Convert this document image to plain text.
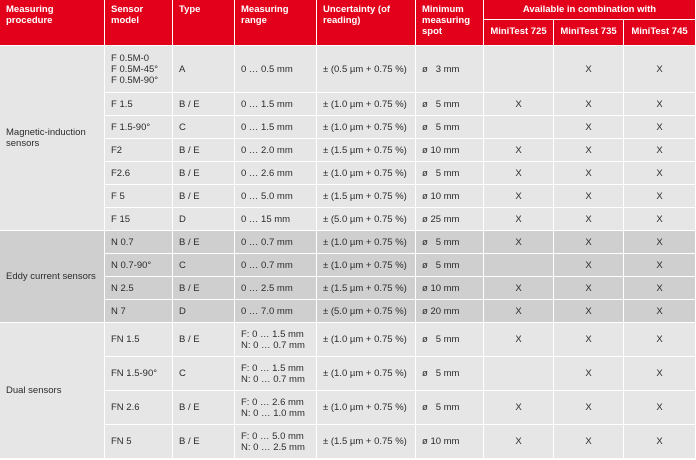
Measuring procedure	Sensor model	Type	Measuring range	Uncertainty (of reading)	Minimum measuring spot	Available in combination with		
						MiniTest 725	MiniTest 735	MiniTest 745
Magnetic-induction sensors	F 0.5M-0
F 0.5M-45°
F 0.5M-90°	A	0 … 0.5 mm	± (0.5 µm + 0.75 %)	ø   3 mm		X	X
	F 1.5	B / E	0 … 1.5 mm	± (1.0 µm + 0.75 %)	ø   5 mm	X	X	X
	F 1.5-90°	C	0 … 1.5 mm	± (1.0 µm + 0.75 %)	ø   5 mm		X	X
	F2	B / E	0 … 2.0 mm	± (1.5 µm + 0.75 %)	ø 10 mm	X	X	X
	F2.6	B / E	0 … 2.6 mm	± (1.0 µm + 0.75 %)	ø   5 mm	X	X	X
	F 5	B / E	0 … 5.0 mm	± (1.5 µm + 0.75 %)	ø 10 mm	X	X	X
	F 15	D	0 … 15 mm	± (5.0 µm + 0.75 %)	ø 25 mm	X	X	X
Eddy current sensors	N 0.7	B / E	0 … 0.7 mm	± (1.0 µm + 0.75 %)	ø   5 mm	X	X	X
	N 0.7-90°	C	0 … 0.7 mm	± (1.0 µm + 0.75 %)	ø   5 mm		X	X
	N 2.5	B / E	0 … 2.5 mm	± (1.5 µm + 0.75 %)	ø 10 mm	X	X	X
	N 7	D	0 … 7.0 mm	± (5.0 µm + 0.75 %)	ø 20 mm	X	X	X
Dual sensors	FN 1.5	B / E	F: 0 … 1.5 mm
N: 0 … 0.7 mm	± (1.0 µm + 0.75 %)	ø   5 mm	X	X	X
	FN 1.5-90°	C	F: 0 … 1.5 mm
N: 0 … 0.7 mm	± (1.0 µm + 0.75 %)	ø   5 mm		X	X
	FN 2.6	B / E	F: 0 … 2.6 mm
N: 0 … 1.0 mm	± (1.0 µm + 0.75 %)	ø   5 mm	X	X	X
	FN 5	B / E	F: 0 … 5.0 mm
N: 0 … 2.5 mm	± (1.5 µm + 0.75 %)	ø 10 mm	X	X	X
